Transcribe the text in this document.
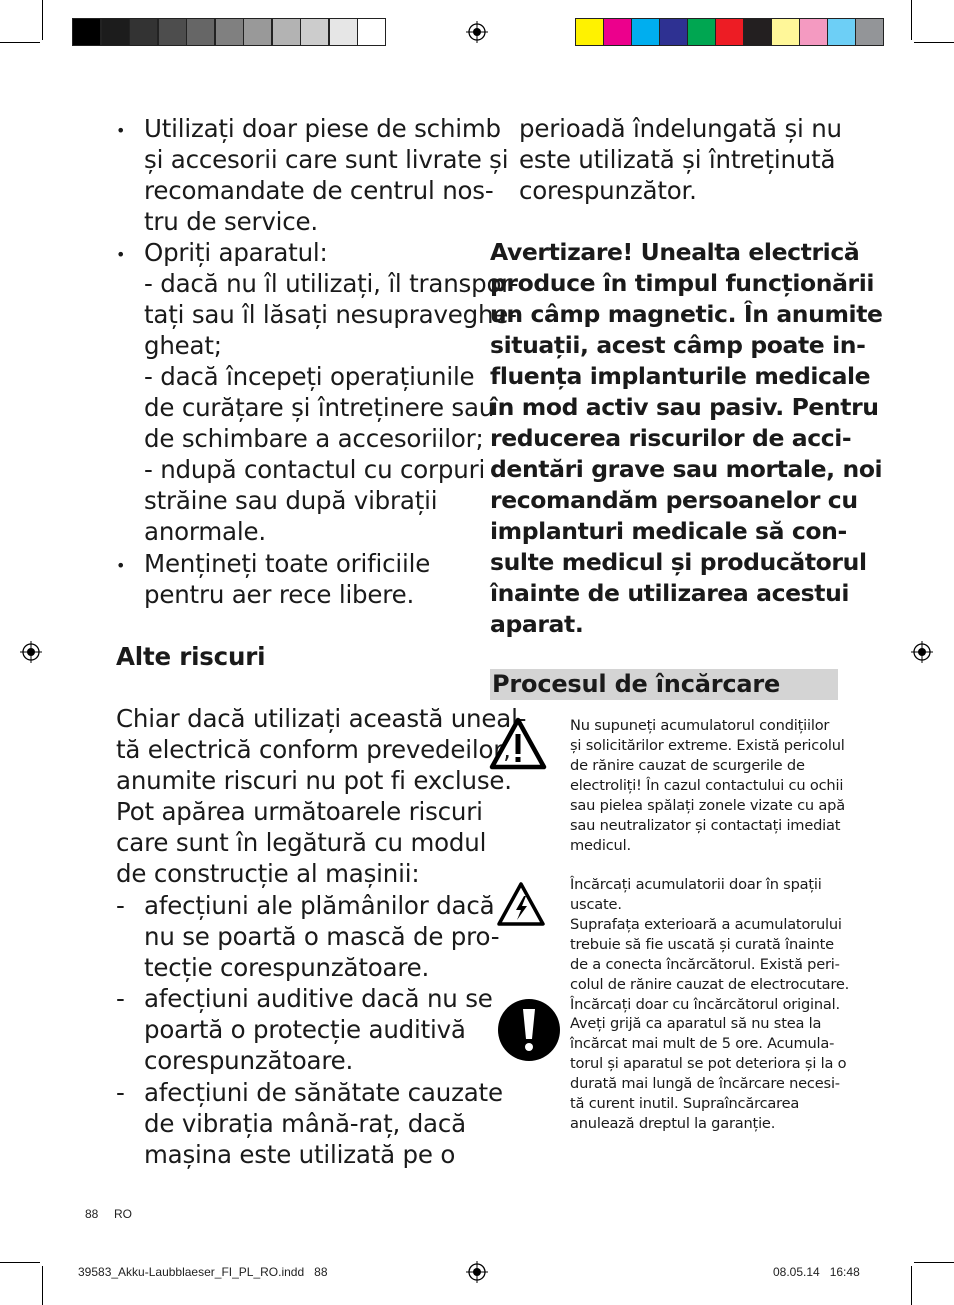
• Utilizați doar piese de schimb
și accesorii care sunt livrate și
recomandate de centrul nos-
tru de service.
• Opriți aparatul:
- dacă nu îl utilizați, îl transpor-
tați sau îl lăsați nesupraveghe-
gheat;
- dacă începeți operațiunile
de curățare și întreținere sau
de schimbare a accesoriilor;
- ndupă contactul cu corpuri
străine sau după vibrații
anormale.
• Mențineți toate orificiile
pentru aer rece libere.
Alte riscuri
Chiar dacă utilizați această uneal-
tă electrică conform prevedeilor,
anumite riscuri nu pot fi excluse.
Pot apărea următoarele riscuri
care sunt în legătură cu modul
de construcție al mașinii:
- afecțiuni ale plămânilor dacă
nu se poartă o mască de pro-
tecție corespunzătoare.
- afecțiuni auditive dacă nu se
poartă o protecție auditivă
corespunzătoare.
- afecțiuni de sănătate cauzate
de vibrația mână-raț, dacă
mașina este utilizată pe o
perioadă îndelungată și nu
este utilizată și întreținută
corespunzător.
Avertizare! Unealta electrică
produce în timpul funcționării
un câmp magnetic. În anumite
situații, acest câmp poate in-
fluența implanturile medicale
în mod activ sau pasiv. Pentru
reducerea riscurilor de acci-
dentări grave sau mortale, noi
recomandăm persoanelor cu
implanturi medicale să con-
sulte medicul și producătorul
înainte de utilizarea acestui
aparat.
Procesul de încărcare
Nu supuneți acumulatorul condițiilor
și solicitărilor extreme. Există pericolul
de rănire cauzat de scurgerile de
electroliți! În cazul contactului cu ochii
sau pielea spălați zonele vizate cu apă
sau neutralizator și contactați imediat
medicul.
Încărcați acumulatorii doar în spații
uscate.
Suprafața exterioară a acumulatorului
trebuie să fie uscată și curată înainte
de a conecta încărcătorul. Există peri-
colul de rănire cauzat de electrocutare.
Încărcați doar cu încărcătorul original.
Aveți grijă ca aparatul să nu stea la
încărcat mai mult de 5 ore. Acumula-
torul și aparatul se pot deteriora și la o
durată mai lungă de încărcare necesi-
tă curent inutil. Supraîncărcarea
anulează dreptul la garanție.
88 RO
39583_Akku-Laubblaeser_FI_PL_RO.indd   88	08.05.14   16:48
